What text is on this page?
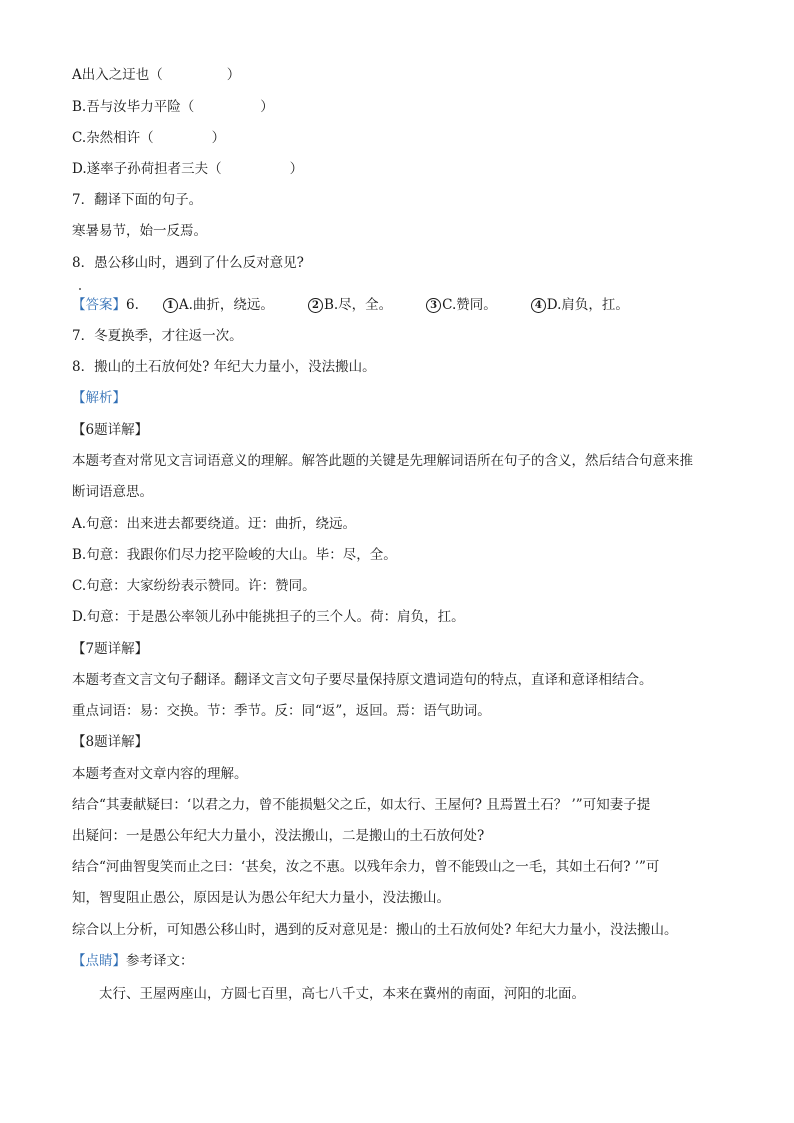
A出入之迂也（	）
B.吾与汝毕力平险（	）
C.杂然相许（	）
D.遂率子孙荷担者三夫（	）
7．翻译下面的句子。
寒暑易节，始一反焉。
8．愚公移山时，遇到了什么反对意见?
【答案】6.	1 A.曲折，绕远。	2 B.尽，全。	3 C.赞同。	4 D.肩负，扛。
7．冬夏换季，才往返一次。
8．搬山的土石放何处? 年纪大力量小，没法搬山。
【解析】
【6题详解】
本题考查对常见文言词语意义的理解。解答此题的关键是先理解词语所在句子的含义，然后结合句意来推
断词语意思。
A.句意：出来进去都要绕道。迂：曲折，绕远。
B.句意：我跟你们尽力挖平险峻的大山。毕：尽，全。
C.句意：大家纷纷表示赞同。许：赞同。
D.句意：于是愚公率领儿孙中能挑担子的三个人。荷：肩负，扛。
【7题详解】
本题考查文言文句子翻译。翻译文言文句子要尽量保持原文遣词造句的特点，直译和意译相结合。
重点词语：易：交换。节：季节。反：同“返”，返回。焉：语气助词。
【8题详解】
本题考查对文章内容的理解。
结合“其妻献疑曰：‘以君之力，曾不能损魁父之丘，如太行、王屋何? 且焉置土石？ ’”可知妻子提
出疑问：一是愚公年纪大力量小，没法搬山，二是搬山的土石放何处?
结合“河曲智叟笑而止之曰：‘甚矣，汝之不惠。以残年余力，曾不能毁山之一毛，其如土石何? ’”可
知，智叟阻止愚公，原因是认为愚公年纪大力量小，没法搬山。
综合以上分析，可知愚公移山时，遇到的反对意见是：搬山的土石放何处? 年纪大力量小，没法搬山。
【点睛】参考译文：
太行、王屋两座山，方圆七百里，高七八千丈，本来在冀州的南面，河阳的北面。
